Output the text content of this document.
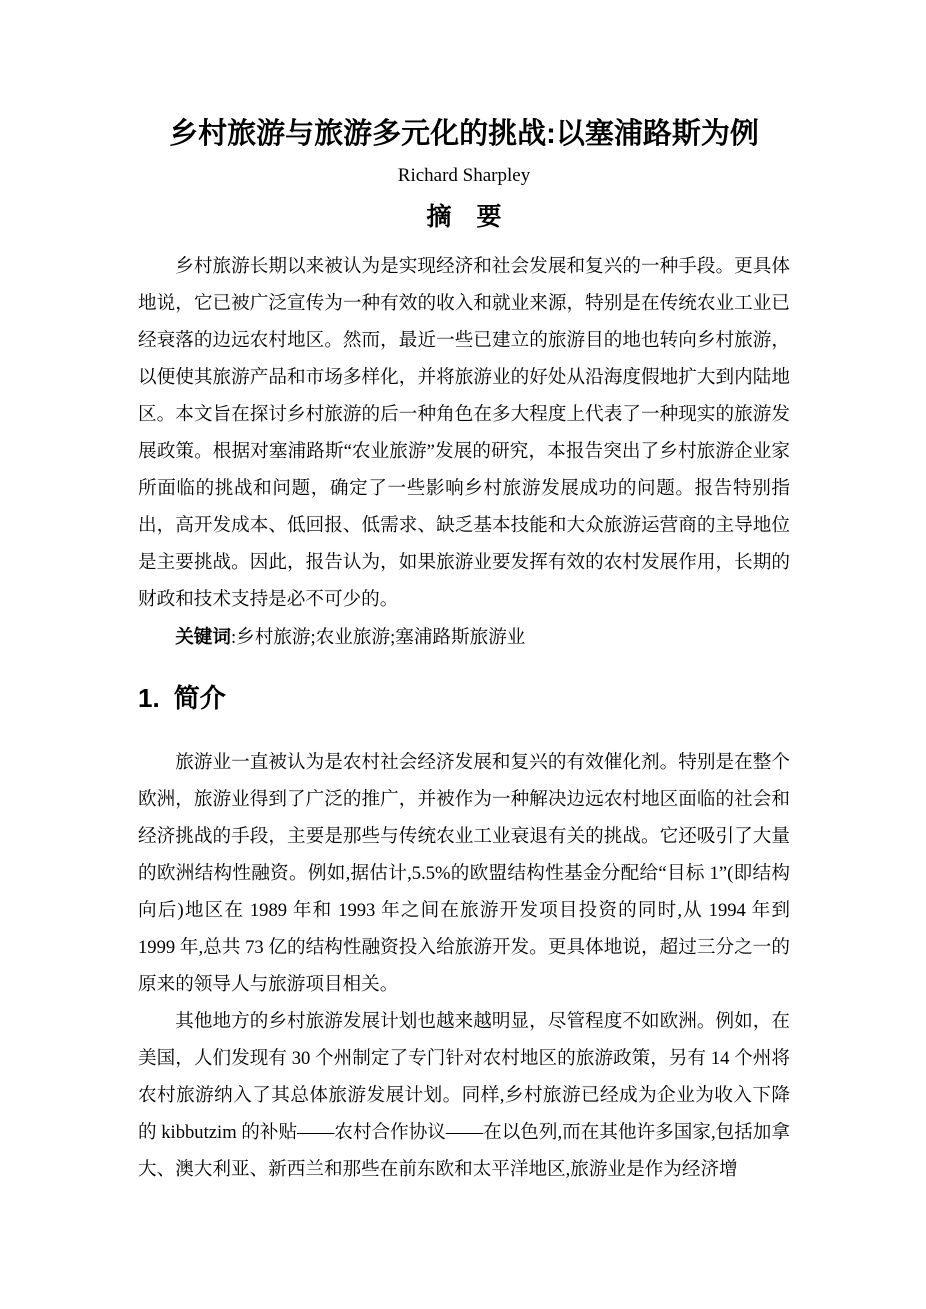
乡村旅游与旅游多元化的挑战:以塞浦路斯为例

Richard Sharpley

摘　要

乡村旅游长期以来被认为是实现经济和社会发展和复兴的一种手段。更具体地说，它已被广泛宣传为一种有效的收入和就业来源，特别是在传统农业工业已经衰落的边远农村地区。然而，最近一些已建立的旅游目的地也转向乡村旅游，以便使其旅游产品和市场多样化，并将旅游业的好处从沿海度假地扩大到内陆地区。本文旨在探讨乡村旅游的后一种角色在多大程度上代表了一种现实的旅游发展政策。根据对塞浦路斯“农业旅游”发展的研究，本报告突出了乡村旅游企业家所面临的挑战和问题，确定了一些影响乡村旅游发展成功的问题。报告特别指出，高开发成本、低回报、低需求、缺乏基本技能和大众旅游运营商的主导地位是主要挑战。因此，报告认为，如果旅游业要发挥有效的农村发展作用，长期的财政和技术支持是必不可少的。

关键词:乡村旅游;农业旅游;塞浦路斯旅游业

1. 简介

旅游业一直被认为是农村社会经济发展和复兴的有效催化剂。特别是在整个欧洲，旅游业得到了广泛的推广，并被作为一种解决边远农村地区面临的社会和经济挑战的手段，主要是那些与传统农业工业衰退有关的挑战。它还吸引了大量的欧洲结构性融资。例如,据估计,5.5%的欧盟结构性基金分配给“目标 1”(即结构向后)地区在 1989 年和 1993 年之间在旅游开发项目投资的同时,从 1994 年到 1999 年,总共 73 亿的结构性融资投入给旅游开发。更具体地说，超过三分之一的原来的领导人与旅游项目相关。

其他地方的乡村旅游发展计划也越来越明显，尽管程度不如欧洲。例如，在美国，人们发现有 30 个州制定了专门针对农村地区的旅游政策，另有 14 个州将农村旅游纳入了其总体旅游发展计划。同样,乡村旅游已经成为企业为收入下降的 kibbutzim 的补贴——农村合作协议——在以色列,而在其他许多国家,包括加拿大、澳大利亚、新西兰和那些在前东欧和太平洋地区,旅游业是作为经济增
